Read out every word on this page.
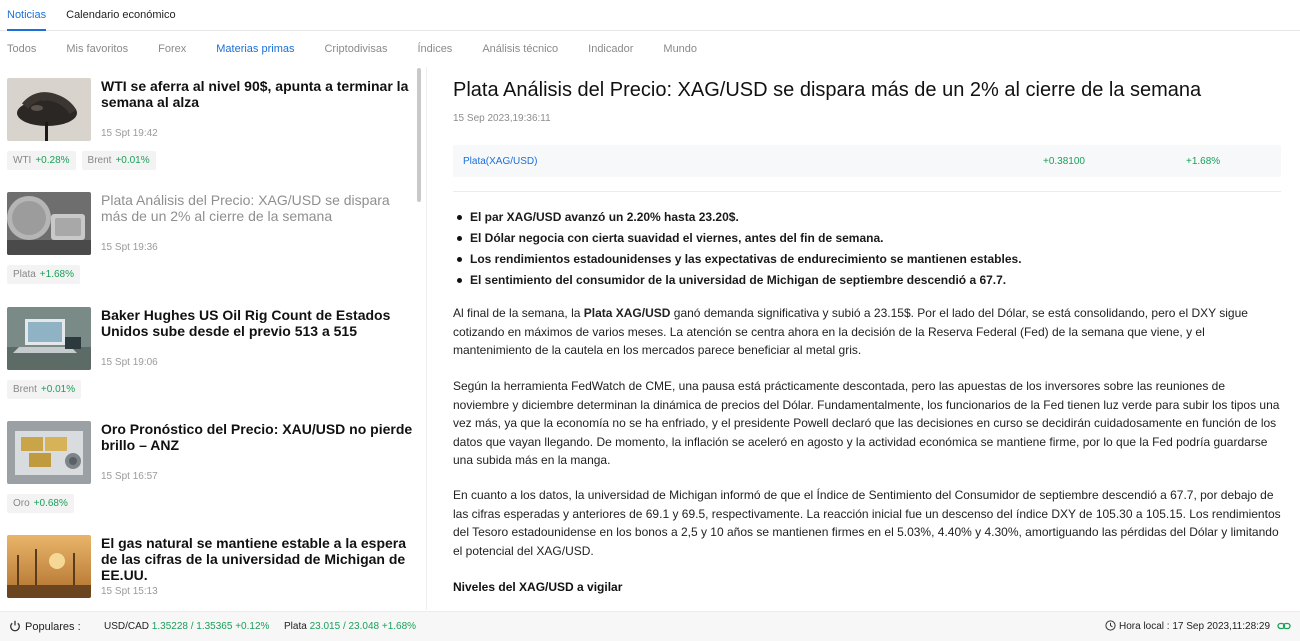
Noticias Calendario económico
Todos	Mis favoritos	Forex	Materias primas	Criptodivisas	Índices	Análisis técnico	Indicador	Mundo
WTI se aferra al nivel 90$, apunta a terminar la semana al alza
15 Spt 19:42
WTI +0.28%	Brent +0.01%
Plata Análisis del Precio: XAG/USD se dispara más de un 2% al cierre de la semana
15 Spt 19:36
Plata +1.68%
Baker Hughes US Oil Rig Count de Estados Unidos sube desde el previo 513 a 515
15 Spt 19:06
Brent +0.01%
Oro Pronóstico del Precio: XAU/USD no pierde brillo – ANZ
15 Spt 16:57
Oro +0.68%
El gas natural se mantiene estable a la espera de las cifras de la universidad de Michigan de EE.UU.
15 Spt 15:13
Plata Análisis del Precio: XAG/USD se dispara más de un 2% al cierre de la semana
15 Sep 2023,19:36:11
Plata(XAG/USD)	+0.38100	+1.68%
El par XAG/USD avanzó un 2.20% hasta 23.20$.
El Dólar negocia con cierta suavidad el viernes, antes del fin de semana.
Los rendimientos estadounidenses y las expectativas de endurecimiento se mantienen estables.
El sentimiento del consumidor de la universidad de Michigan de septiembre descendió a 67.7.
Al final de la semana, la Plata XAG/USD ganó demanda significativa y subió a 23.15$. Por el lado del Dólar, se está consolidando, pero el DXY sigue cotizando en máximos de varios meses. La atención se centra ahora en la decisión de la Reserva Federal (Fed) de la semana que viene, y el mantenimiento de la cautela en los mercados parece beneficiar al metal gris.
Según la herramienta FedWatch de CME, una pausa está prácticamente descontada, pero las apuestas de los inversores sobre las reuniones de noviembre y diciembre determinan la dinámica de precios del Dólar. Fundamentalmente, los funcionarios de la Fed tienen luz verde para subir los tipos una vez más, ya que la economía no se ha enfriado, y el presidente Powell declaró que las decisiones en curso se decidirán cuidadosamente en función de los datos que vayan llegando. De momento, la inflación se aceleró en agosto y la actividad económica se mantiene firme, por lo que la Fed podría guardarse una subida más en la manga.
En cuanto a los datos, la universidad de Michigan informó de que el Índice de Sentimiento del Consumidor de septiembre descendió a 67.7, por debajo de las cifras esperadas y anteriores de 69.1 y 69.5, respectivamente. La reacción inicial fue un descenso del índice DXY de 105.30 a 105.15. Los rendimientos del Tesoro estadounidense en los bonos a 2,5 y 10 años se mantienen firmes en el 5.03%, 4.40% y 4.30%, amortiguando las pérdidas del Dólar y limitando el potencial del XAG/USD.
Niveles del XAG/USD a vigilar
Populares : USD/CAD 1.35228 / 1.35365 +0.12% Plata 23.015 / 23.048 +1.68%	Hora local : 17 Sep 2023,11:28:29
